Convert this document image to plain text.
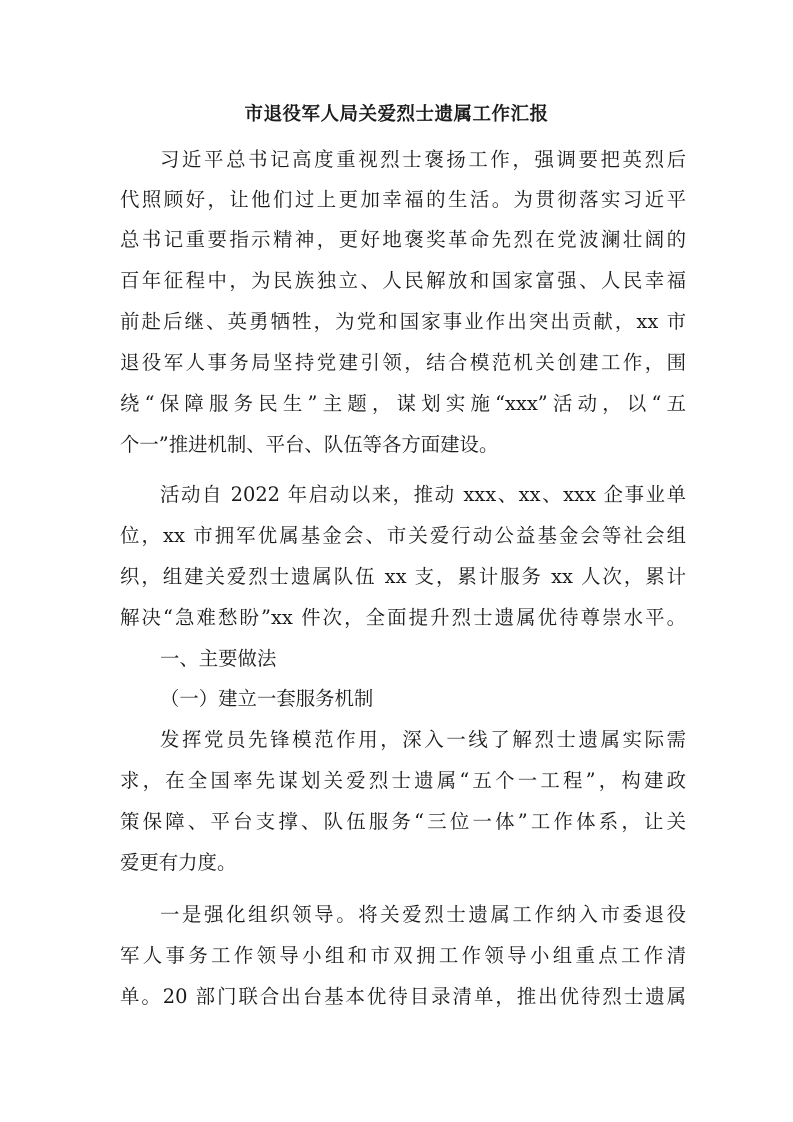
市退役军人局关爱烈士遗属工作汇报
习近平总书记高度重视烈士褒扬工作，强调要把英烈后
代照顾好，让他们过上更加幸福的生活。为贯彻落实习近平
总书记重要指示精神，更好地褒奖革命先烈在党波澜壮阔的
百年征程中，为民族独立、人民解放和国家富强、人民幸福
前赴后继、英勇牺牲，为党和国家事业作出突出贡献，xx 市
退役军人事务局坚持党建引领，结合模范机关创建工作，围
绕“保障服务民生”主题，谋划实施“xxx”活动，以“五
个一”推进机制、平台、队伍等各方面建设。
活动自 2022 年启动以来，推动 xxx、xx、xxx 企事业单
位，xx 市拥军优属基金会、市关爱行动公益基金会等社会组
织，组建关爱烈士遗属队伍 xx 支，累计服务 xx 人次，累计
解决“急难愁盼”xx 件次，全面提升烈士遗属优待尊崇水平。
一、主要做法
（一）建立一套服务机制
发挥党员先锋模范作用，深入一线了解烈士遗属实际需
求，在全国率先谋划关爱烈士遗属“五个一工程”，构建政
策保障、平台支撑、队伍服务“三位一体”工作体系，让关
爱更有力度。
一是强化组织领导。将关爱烈士遗属工作纳入市委退役
军人事务工作领导小组和市双拥工作领导小组重点工作清
单。20 部门联合出台基本优待目录清单，推出优待烈士遗属
